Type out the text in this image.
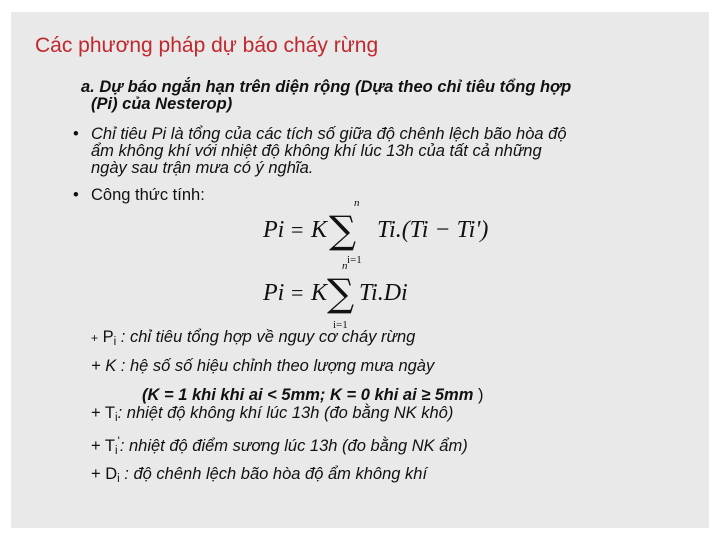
Các phương pháp dự báo cháy rừng
a. Dự báo ngắn hạn trên diện rộng (Dựa theo chỉ tiêu tổng hợp
(Pi) của Nesterop)
• Chỉ tiêu Pi là tổng của các tích số giữa độ chênh lệch bão hòa độ
ẩm không khí với nhiệt độ không khí lúc 13h của tất cả những
ngày sau trận mưa có ý nghĩa.
• Công thức tính:
Pi = K
n
∑
i=1
Ti.(Ti − Ti')
Pi = K
n
∑
i=1
Ti.Di
+ $P_i$ : chỉ tiêu tổng hợp về nguy cơ cháy rừng
+ K : hệ số số hiệu chỉnh theo lượng mưa ngày
(K = 1 khi khi ai < 5mm; K = 0 khi ai ≥ 5mm )
+ $T_i$: nhiệt độ không khí lúc 13h (đo bằng NK khô)
+ $T_i'$: nhiệt độ điểm sương lúc 13h (đo bằng NK ẩm)
+ $D_i$ : độ chênh lệch bão hòa độ ẩm không khí
